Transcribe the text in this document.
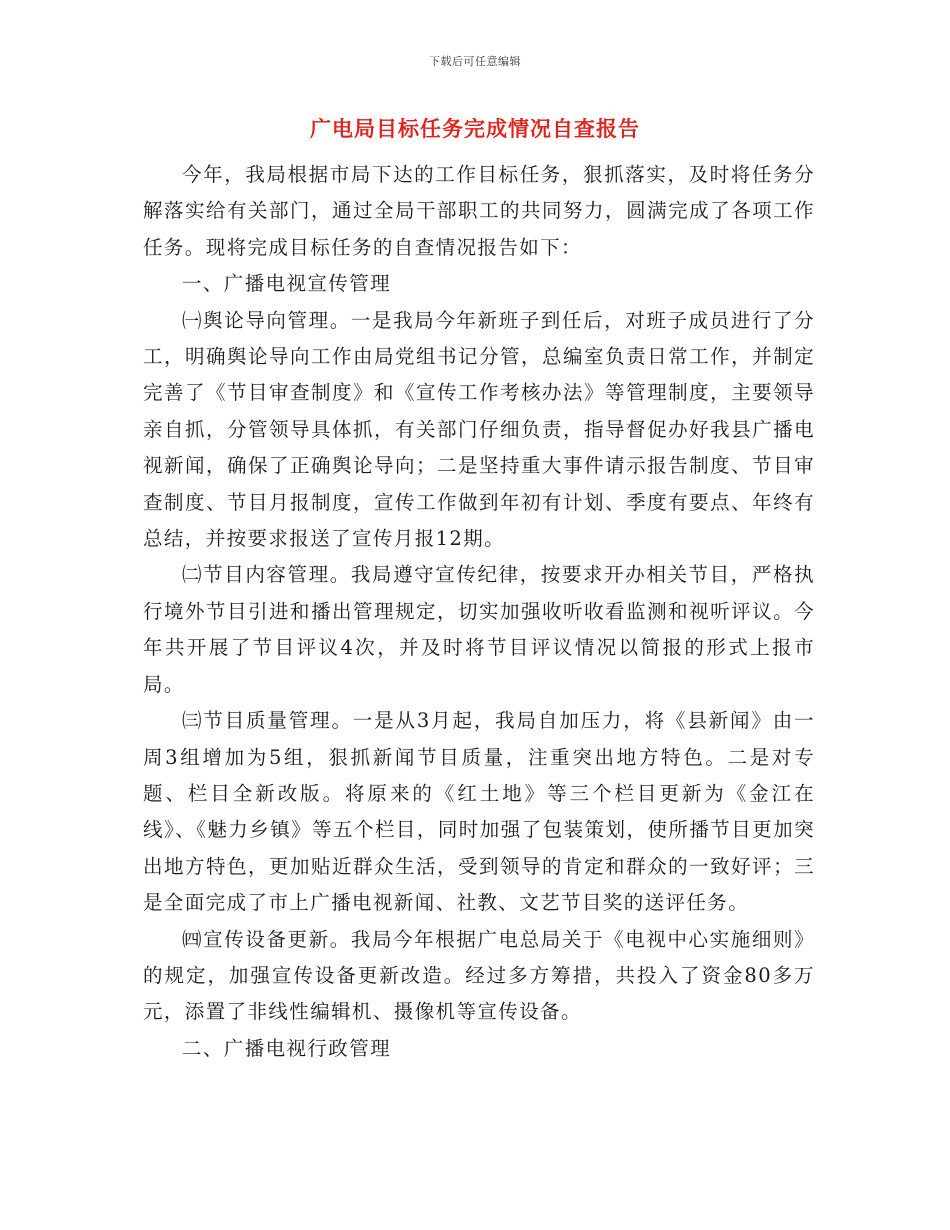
下载后可任意编辑
广电局目标任务完成情况自查报告

今年，我局根据市局下达的工作目标任务，狠抓落实，及时将任务分解落实给有关部门，通过全局干部职工的共同努力，圆满完成了各项工作任务。现将完成目标任务的自查情况报告如下：

一、广播电视宣传管理

㈠舆论导向管理。一是我局今年新班子到任后，对班子成员进行了分工，明确舆论导向工作由局党组书记分管，总编室负责日常工作，并制定完善了《节目审查制度》和《宣传工作考核办法》等管理制度，主要领导亲自抓，分管领导具体抓，有关部门仔细负责，指导督促办好我县广播电视新闻，确保了正确舆论导向；二是坚持重大事件请示报告制度、节目审查制度、节目月报制度，宣传工作做到年初有计划、季度有要点、年终有总结，并按要求报送了宣传月报12期。

㈡节目内容管理。我局遵守宣传纪律，按要求开办相关节目，严格执行境外节目引进和播出管理规定，切实加强收听收看监测和视听评议。今年共开展了节目评议4次，并及时将节目评议情况以简报的形式上报市局。

㈢节目质量管理。一是从3月起，我局自加压力，将《县新闻》由一周3组增加为5组，狠抓新闻节目质量，注重突出地方特色。二是对专题、栏目全新改版。将原来的《红土地》等三个栏目更新为《金江在线》、《魅力乡镇》等五个栏目，同时加强了包装策划，使所播节目更加突出地方特色，更加贴近群众生活，受到领导的肯定和群众的一致好评；三是全面完成了市上广播电视新闻、社教、文艺节目奖的送评任务。

㈣宣传设备更新。我局今年根据广电总局关于《电视中心实施细则》的规定，加强宣传设备更新改造。经过多方筹措，共投入了资金80多万元，添置了非线性编辑机、摄像机等宣传设备。

二、广播电视行政管理
